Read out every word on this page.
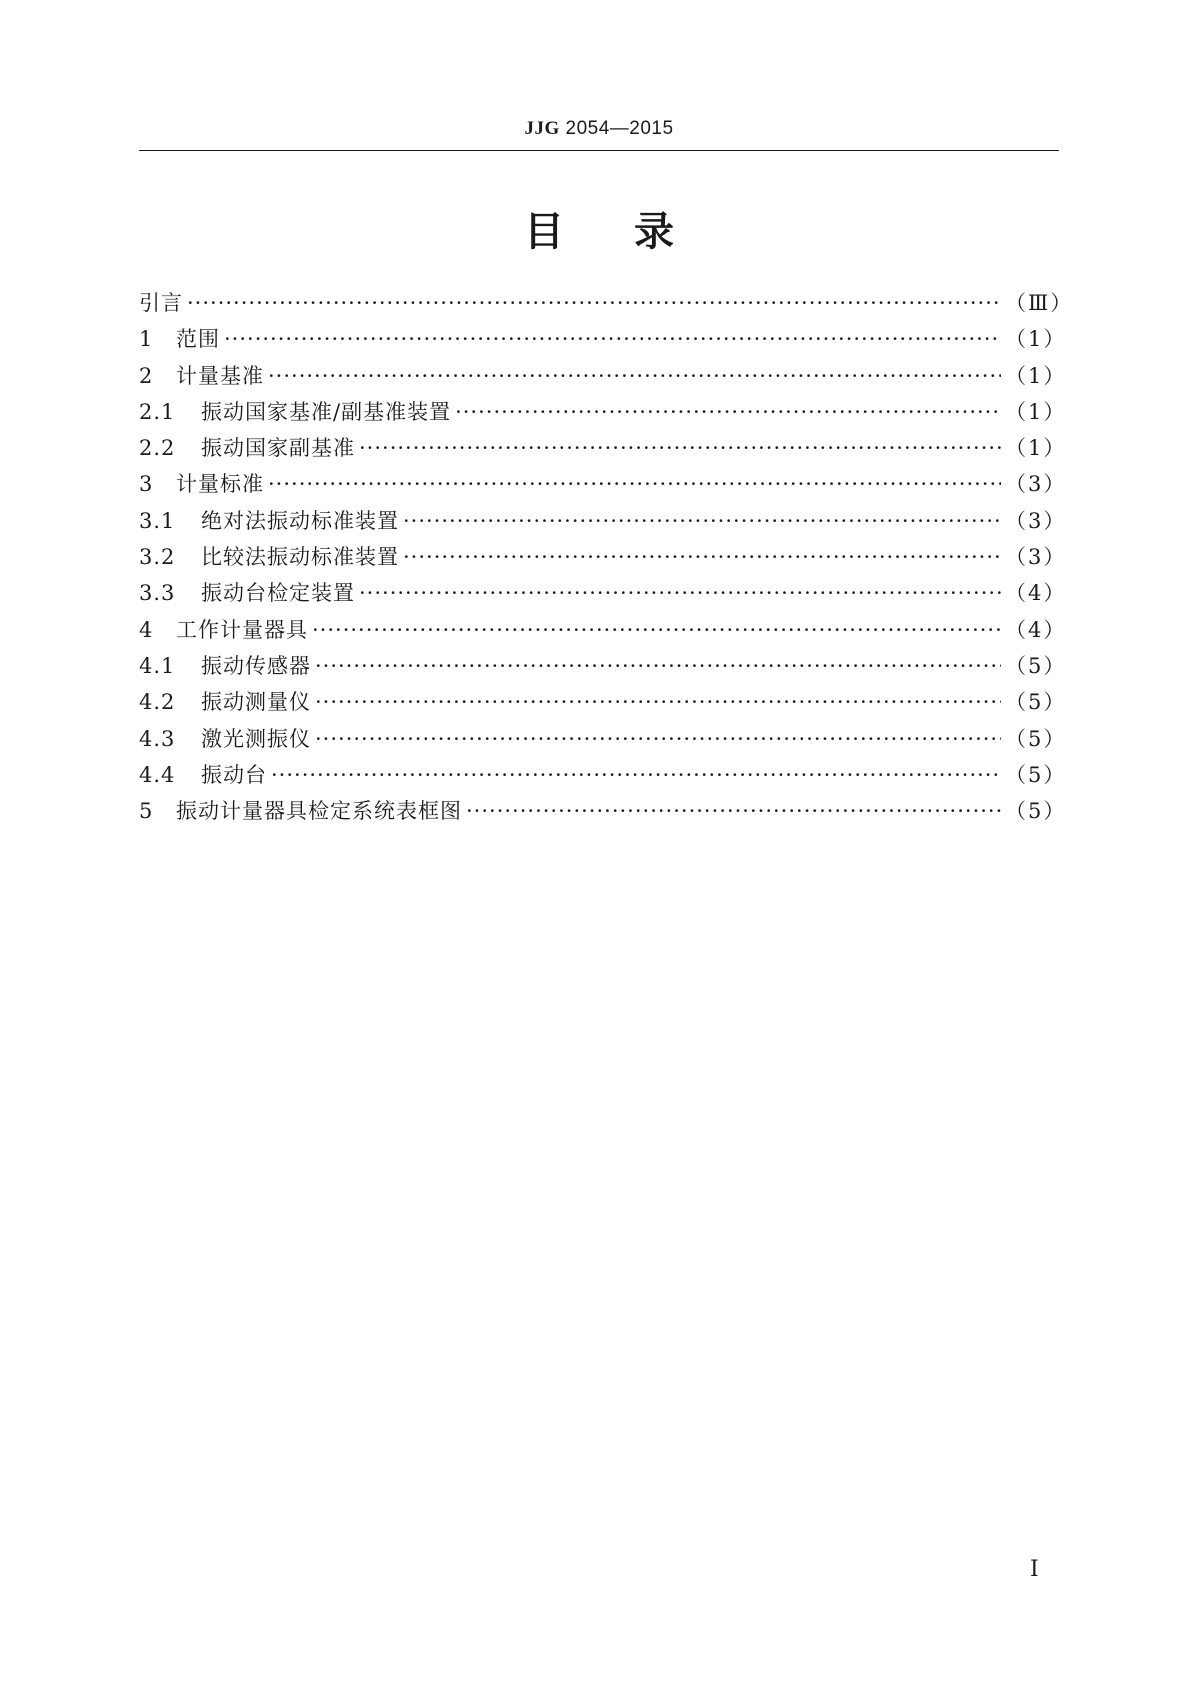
JJG 2054—2015
目 录
引言 ·····	（Ⅲ）
1	范围 ·····	（1）
2	计量基准 ·····	（1）
2.1	振动国家基准/副基准装置 ·····	（1）
2.2	振动国家副基准 ·····	（1）
3	计量标准 ·····	（3）
3.1	绝对法振动标准装置 ·····	（3）
3.2	比较法振动标准装置 ·····	（3）
3.3	振动台检定装置 ·····	（4）
4	工作计量器具 ·····	（4）
4.1	振动传感器 ·····	（5）
4.2	振动测量仪 ·····	（5）
4.3	激光测振仪 ·····	（5）
4.4	振动台 ·····	（5）
5	振动计量器具检定系统表框图 ·····	（5）
Ⅰ
